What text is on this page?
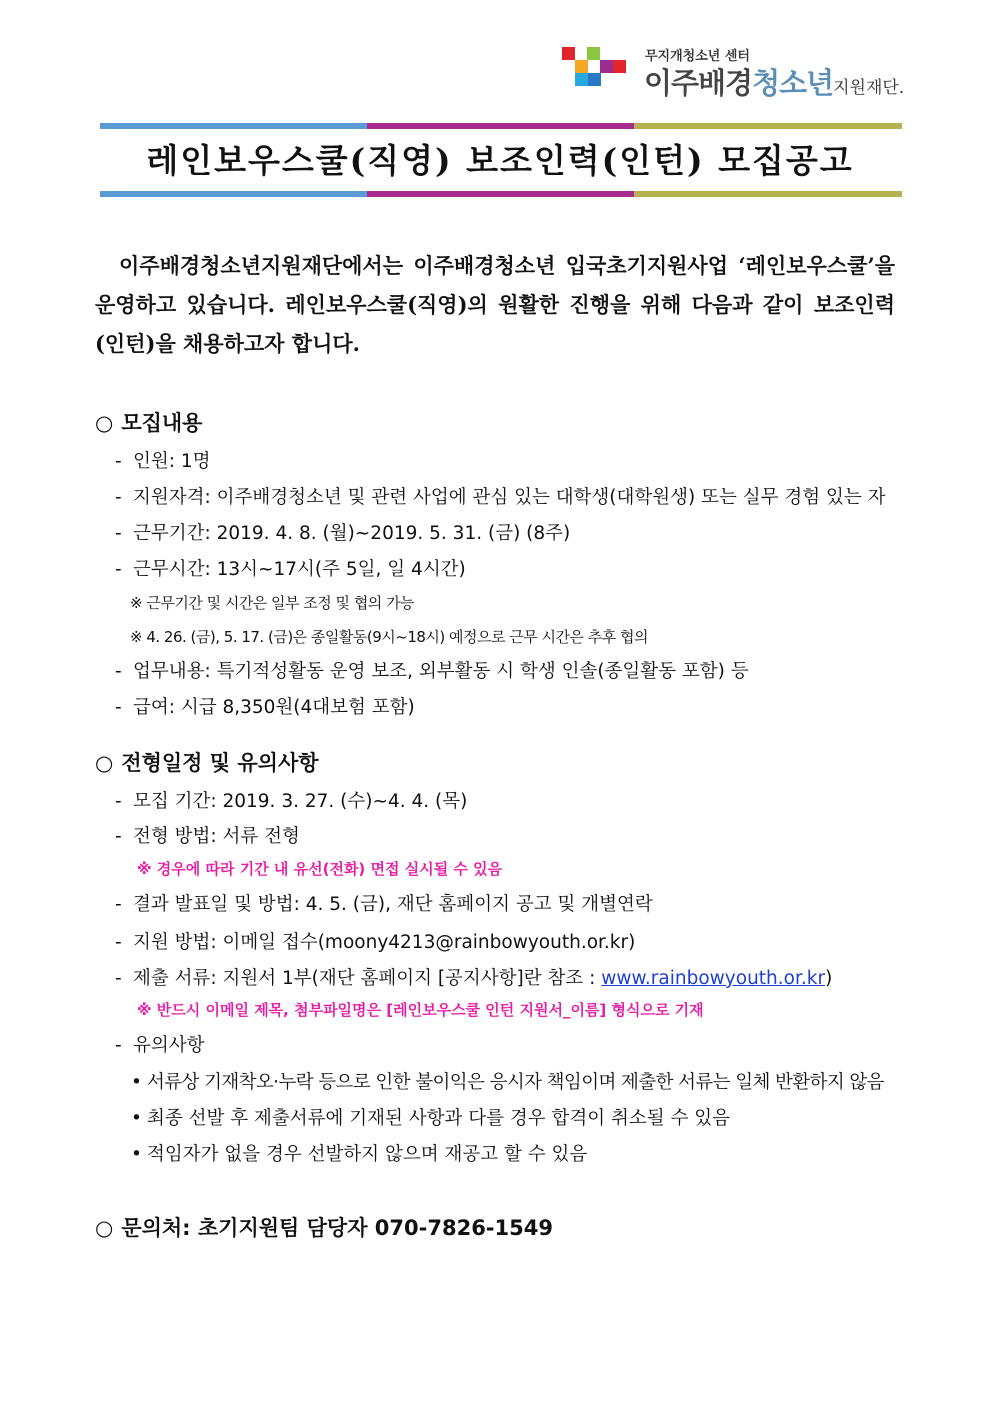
무지개청소년 센터
이주배경청소년지원재단.
레인보우스쿨(직영) 보조인력(인턴) 모집공고
이주배경청소년지원재단에서는 이주배경청소년 입국초기지원사업 ‘레인보우스쿨’을 운영하고 있습니다. 레인보우스쿨(직영)의 원활한 진행을 위해 다음과 같이 보조인력(인턴)을 채용하고자 합니다.
○ 모집내용
- 인원: 1명
- 지원자격: 이주배경청소년 및 관련 사업에 관심 있는 대학생(대학원생) 또는 실무 경험 있는 자
- 근무기간: 2019. 4. 8. (월)~2019. 5. 31. (금) (8주)
- 근무시간: 13시~17시(주 5일, 일 4시간)
※ 근무기간 및 시간은 일부 조정 및 협의 가능
※ 4. 26. (금), 5. 17. (금)은 종일활동(9시~18시) 예정으로 근무 시간은 추후 협의
- 업무내용: 특기적성활동 운영 보조, 외부활동 시 학생 인솔(종일활동 포함) 등
- 급여: 시급 8,350원(4대보험 포함)
○ 전형일정 및 유의사항
- 모집 기간: 2019. 3. 27. (수)~4. 4. (목)
- 전형 방법: 서류 전형
※ 경우에 따라 기간 내 유선(전화) 면접 실시될 수 있음
- 결과 발표일 및 방법: 4. 5. (금), 재단 홈페이지 공고 및 개별연락
- 지원 방법: 이메일 접수(moony4213@rainbowyouth.or.kr)
- 제출 서류: 지원서 1부(재단 홈페이지 [공지사항]란 참조 : www.rainbowyouth.or.kr)
※ 반드시 이메일 제목, 첨부파일명은 [레인보우스쿨 인턴 지원서_이름] 형식으로 기재
- 유의사항
• 서류상 기재착오·누락 등으로 인한 불이익은 응시자 책임이며 제출한 서류는 일체 반환하지 않음
• 최종 선발 후 제출서류에 기재된 사항과 다를 경우 합격이 취소될 수 있음
• 적임자가 없을 경우 선발하지 않으며 재공고 할 수 있음
○ 문의처: 초기지원팀 담당자 070-7826-1549
